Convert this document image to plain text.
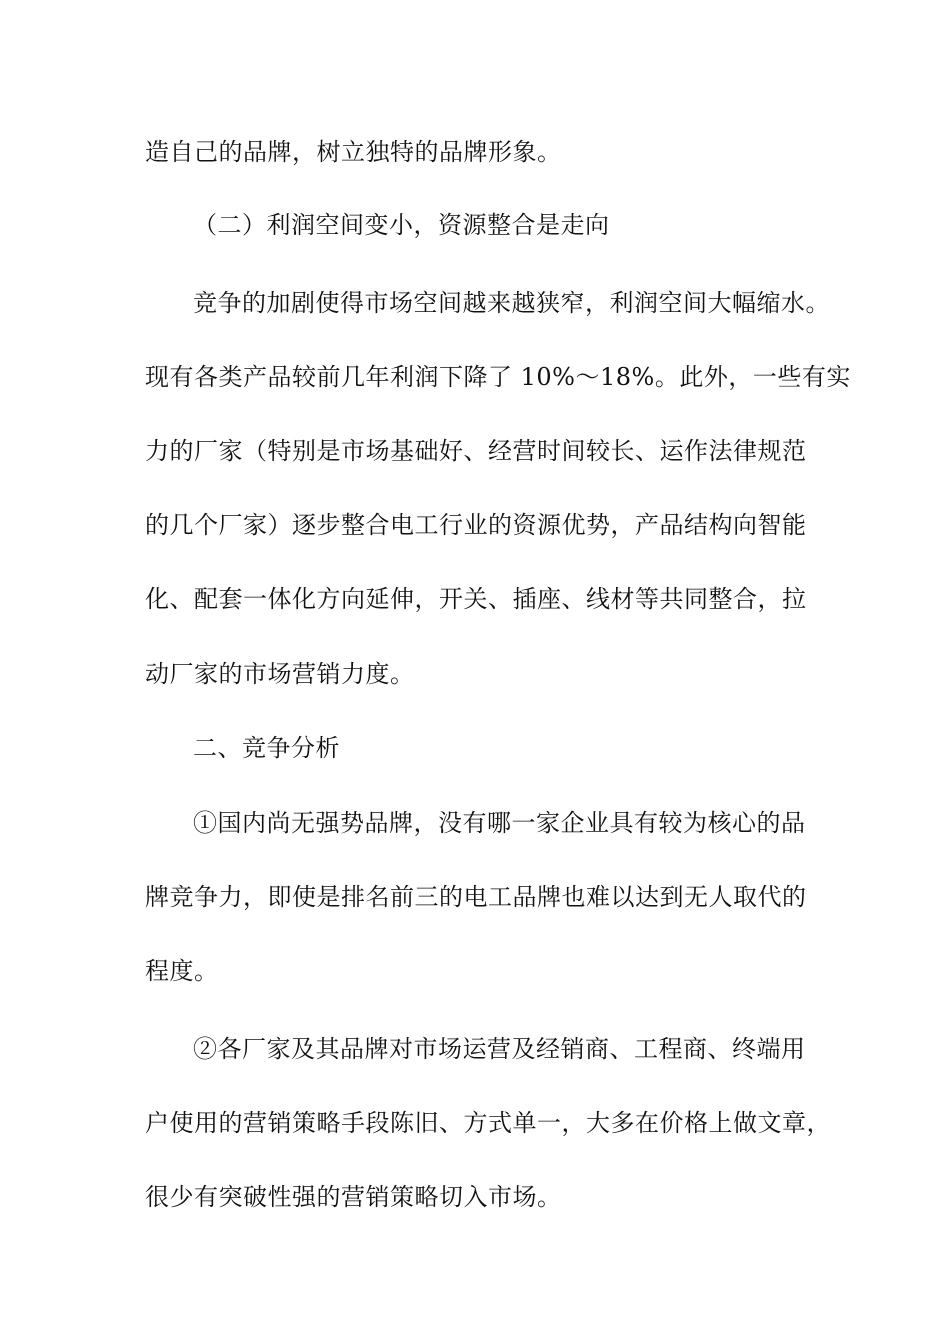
造自己的品牌，树立独特的品牌形象。
（二）利润空间变小，资源整合是走向
竞争的加剧使得市场空间越来越狭窄，利润空间大幅缩水。
现有各类产品较前几年利润下降了 10%～18%。此外，一些有实
力的厂家（特别是市场基础好、经营时间较长、运作法律规范
的几个厂家）逐步整合电工行业的资源优势，产品结构向智能
化、配套一体化方向延伸，开关、插座、线材等共同整合，拉
动厂家的市场营销力度。
二、竞争分析
①国内尚无强势品牌，没有哪一家企业具有较为核心的品
牌竞争力，即使是排名前三的电工品牌也难以达到无人取代的
程度。
②各厂家及其品牌对市场运营及经销商、工程商、终端用
户使用的营销策略手段陈旧、方式单一，大多在价格上做文章，
很少有突破性强的营销策略切入市场。
